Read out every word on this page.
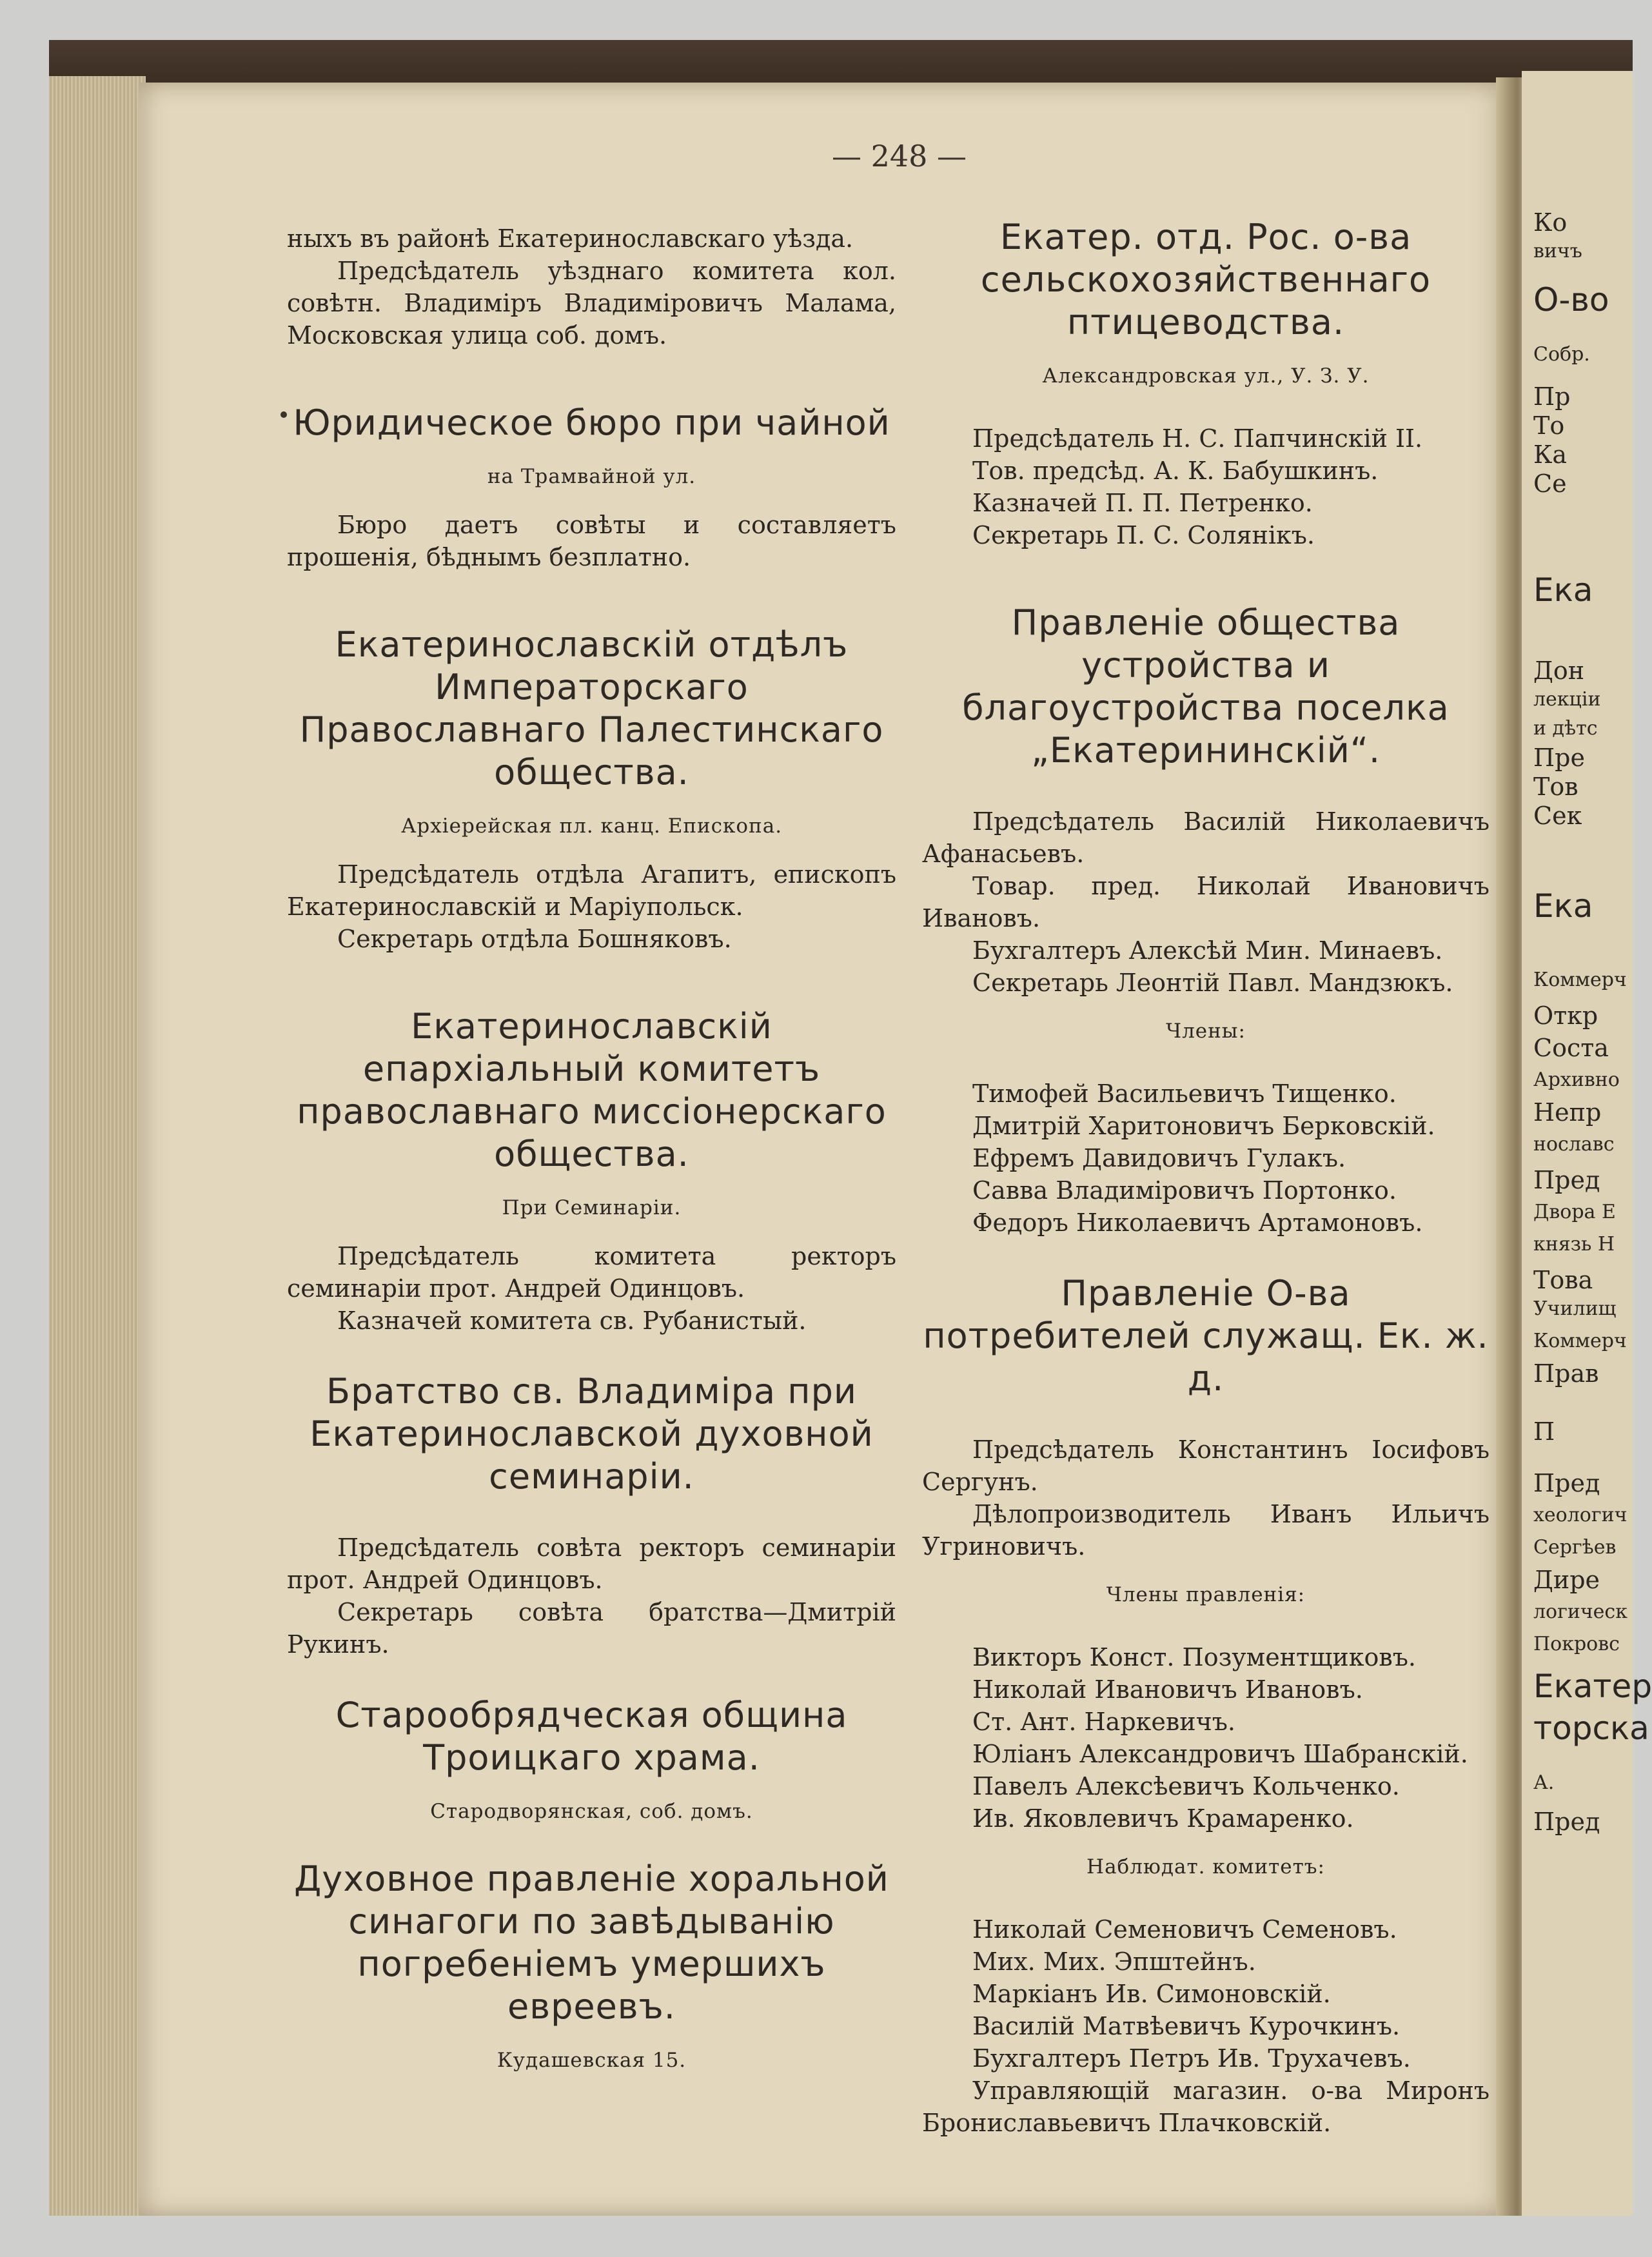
Ко
вичъ
О-во
Собр.
Пр
То
Ка
Се
Ека
Дон
лекціи
и дѣтс
Пре
Тов
Сек
Ека
Коммерч
Откр
Соста
Архивно
Непр
нославс
Пред
Двора Е
князь Н
Това
Училищ
Коммерч
Прав
П
Пред
хеологич
Сергѣев
Дире
логическ
Покровс
Екатер
торска
А.
Пред
— 248 —

ныхъ въ районѣ Екатеринославскаго уѣзда.

Предсѣдатель уѣзднаго комитета кол. совѣтн. Владиміръ Владиміровичъ Малама, Московская улица соб. домъ.

Юридическое бюро при чайной

на Трамвайной ул.

Бюро даетъ совѣты и составляетъ прошенія, бѣднымъ безплатно.

Екатеринославскій отдѣлъ Императорскаго Православнаго Палестинскаго общества.

Архіерейская пл. канц. Епископа.

Предсѣдатель отдѣла Агапитъ, епископъ Екатеринославскій и Маріупольск.

Секретарь отдѣла Бошняковъ.

Екатеринославскій епархіальный комитетъ православнаго миссіонерскаго общества.

При Семинаріи.

Предсѣдатель комитета ректоръ семинаріи прот. Андрей Одинцовъ.

Казначей комитета св. Рубанистый.

Братство св. Владиміра при Екатеринославской духовной семинаріи.

Предсѣдатель совѣта ректоръ семинаріи прот. Андрей Одинцовъ.

Секретарь совѣта братства—Дмитрій Рукинъ.

Старообрядческая община Троицкаго храма.

Стародворянская, соб. домъ.

Духовное правленіе хоральной синагоги по завѣдыванію погребеніемъ умершихъ евреевъ.

Кудашевская 15.

Екатер. отд. Рос. о-ва сельскохозяйственнаго птицеводства.

Александровская ул., У. З. У.

Предсѣдатель Н. С. Папчинскій II.

Тов. предсѣд. А. К. Бабушкинъ.

Казначей П. П. Петренко.

Секретарь П. С. Солянікъ.

Правленіе общества устройства и благоустройства поселка „Екатерининскій“.

Предсѣдатель Василій Николаевичъ Афанасьевъ.

Товар. пред. Николай Ивановичъ Ивановъ.

Бухгалтеръ Алексѣй Мин. Минаевъ.

Секретарь Леонтій Павл. Мандзюкъ.

Члены:

Тимофей Васильевичъ Тищенко.

Дмитрій Харитоновичъ Берковскій.

Ефремъ Давидовичъ Гулакъ.

Савва Владиміровичъ Портонко.

Федоръ Николаевичъ Артамоновъ.

Правленіе О-ва потребителей служащ. Ек. ж. д.

Предсѣдатель Константинъ Іосифовъ Сергунъ.

Дѣлопроизводитель Иванъ Ильичъ Угриновичъ.

Члены правленія:

Викторъ Конст. Позументщиковъ.

Николай Ивановичъ Ивановъ.

Ст. Ант. Наркевичъ.

Юліанъ Александровичъ Шабранскій.

Павелъ Алексѣевичъ Кольченко.

Ив. Яковлевичъ Крамаренко.

Наблюдат. комитетъ:

Николай Семеновичъ Семеновъ.

Мих. Мих. Эпштейнъ.

Маркіанъ Ив. Симоновскій.

Василій Матвѣевичъ Курочкинъ.

Бухгалтеръ Петръ Ив. Трухачевъ.

Управляющій магазин. о-ва Миронъ Брониславьевичъ Плачковскій.
